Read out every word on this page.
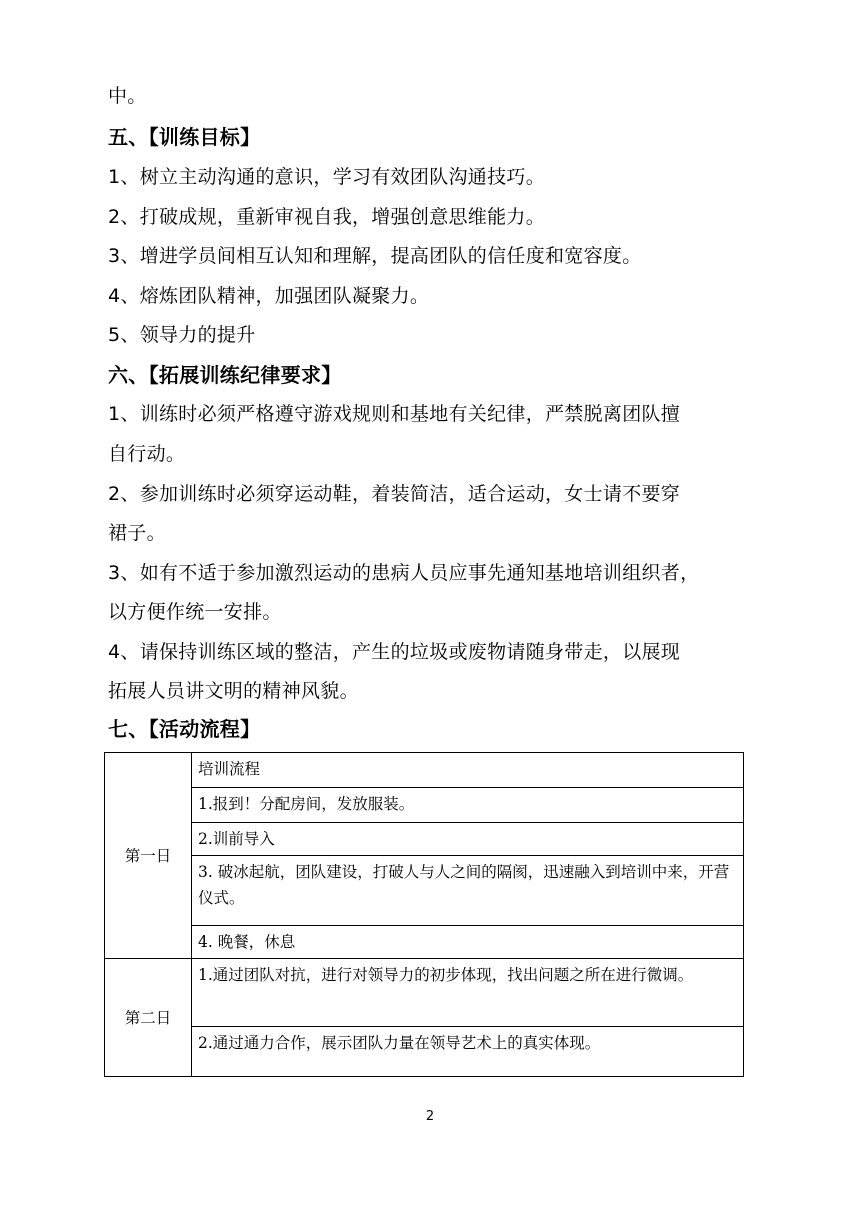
中。
五、【训练目标】
1、树立主动沟通的意识，学习有效团队沟通技巧。
2、打破成规，重新审视自我，增强创意思维能力。
3、增进学员间相互认知和理解，提高团队的信任度和宽容度。
4、熔炼团队精神，加强团队凝聚力。
5、领导力的提升
六、【拓展训练纪律要求】
1、训练时必须严格遵守游戏规则和基地有关纪律，严禁脱离团队擅
自行动。
2、参加训练时必须穿运动鞋，着装简洁，适合运动，女士请不要穿
裙子。
3、如有不适于参加激烈运动的患病人员应事先通知基地培训组织者，
以方便作统一安排。
4、请保持训练区域的整洁，产生的垃圾或废物请随身带走，以展现
拓展人员讲文明的精神风貌。
七、【活动流程】
第一日	培训流程
	1.报到！分配房间，发放服装。
	2.训前导入
	3. 破冰起航，团队建设，打破人与人之间的隔阂，迅速融入到培训中来，开营仪式。
	4. 晚餐，休息
第二日	1.通过团队对抗，进行对领导力的初步体现，找出问题之所在进行微调。
	2.通过通力合作，展示团队力量在领导艺术上的真实体现。
2
